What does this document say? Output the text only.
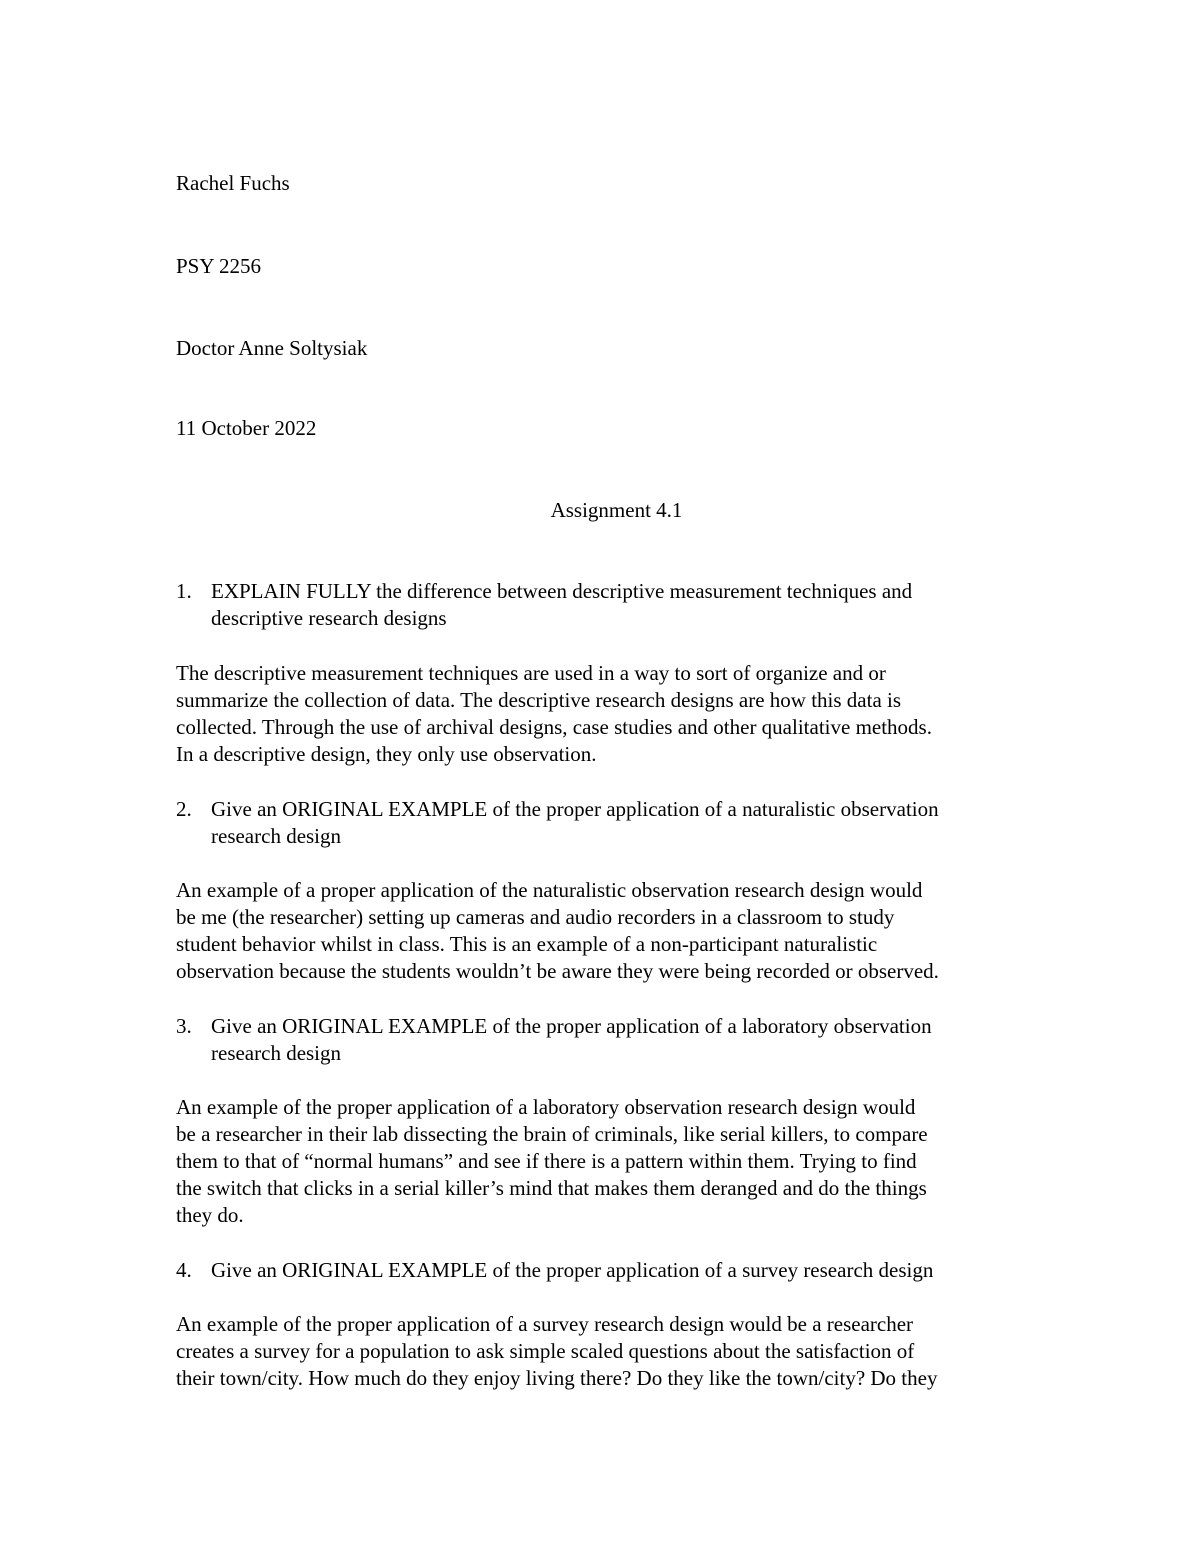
Rachel Fuchs
PSY 2256
Doctor Anne Soltysiak
11 October 2022
Assignment 4.1
1. EXPLAIN FULLY the difference between descriptive measurement techniques and
descriptive research designs
The descriptive measurement techniques are used in a way to sort of organize and or
summarize the collection of data. The descriptive research designs are how this data is
collected. Through the use of archival designs, case studies and other qualitative methods.
In a descriptive design, they only use observation.
2. Give an ORIGINAL EXAMPLE of the proper application of a naturalistic observation
research design
An example of a proper application of the naturalistic observation research design would
be me (the researcher) setting up cameras and audio recorders in a classroom to study
student behavior whilst in class. This is an example of a non-participant naturalistic
observation because the students wouldn’t be aware they were being recorded or observed.
3. Give an ORIGINAL EXAMPLE of the proper application of a laboratory observation
research design
An example of the proper application of a laboratory observation research design would
be a researcher in their lab dissecting the brain of criminals, like serial killers, to compare
them to that of “normal humans” and see if there is a pattern within them. Trying to find
the switch that clicks in a serial killer’s mind that makes them deranged and do the things
they do.
4. Give an ORIGINAL EXAMPLE of the proper application of a survey research design
An example of the proper application of a survey research design would be a researcher
creates a survey for a population to ask simple scaled questions about the satisfaction of
their town/city. How much do they enjoy living there? Do they like the town/city? Do they
